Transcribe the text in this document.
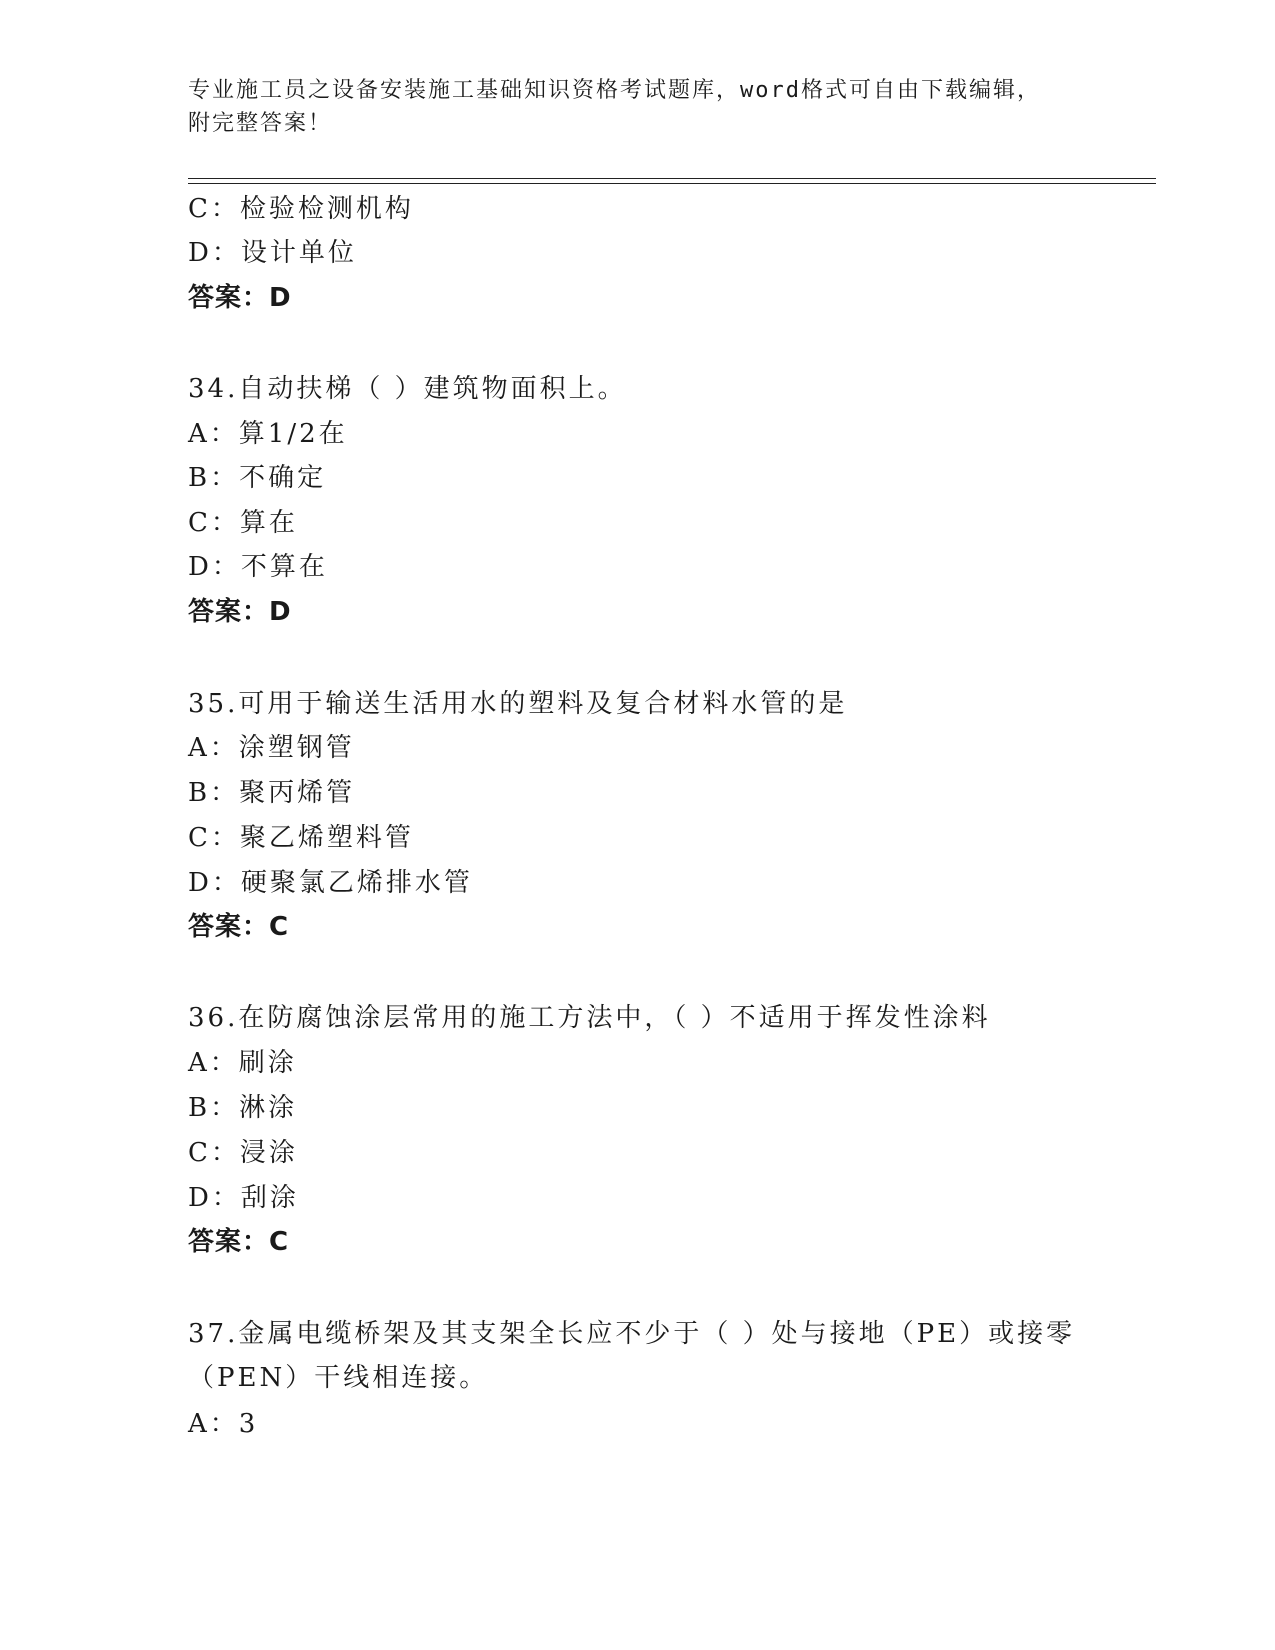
专业施工员之设备安装施工基础知识资格考试题库，word格式可自由下载编辑，
附完整答案！
C：检验检测机构
D：设计单位
答案：D
34.自动扶梯（ ）建筑物面积上。
A：算1/2在
B：不确定
C：算在
D：不算在
答案：D
35.可用于输送生活用水的塑料及复合材料水管的是
A：涂塑钢管
B：聚丙烯管
C：聚乙烯塑料管
D：硬聚氯乙烯排水管
答案：C
36.在防腐蚀涂层常用的施工方法中，（ ）不适用于挥发性涂料
A：刷涂
B：淋涂
C：浸涂
D：刮涂
答案：C
37.金属电缆桥架及其支架全长应不少于（ ）处与接地（PE）或接零
（PEN）干线相连接。
A：3
